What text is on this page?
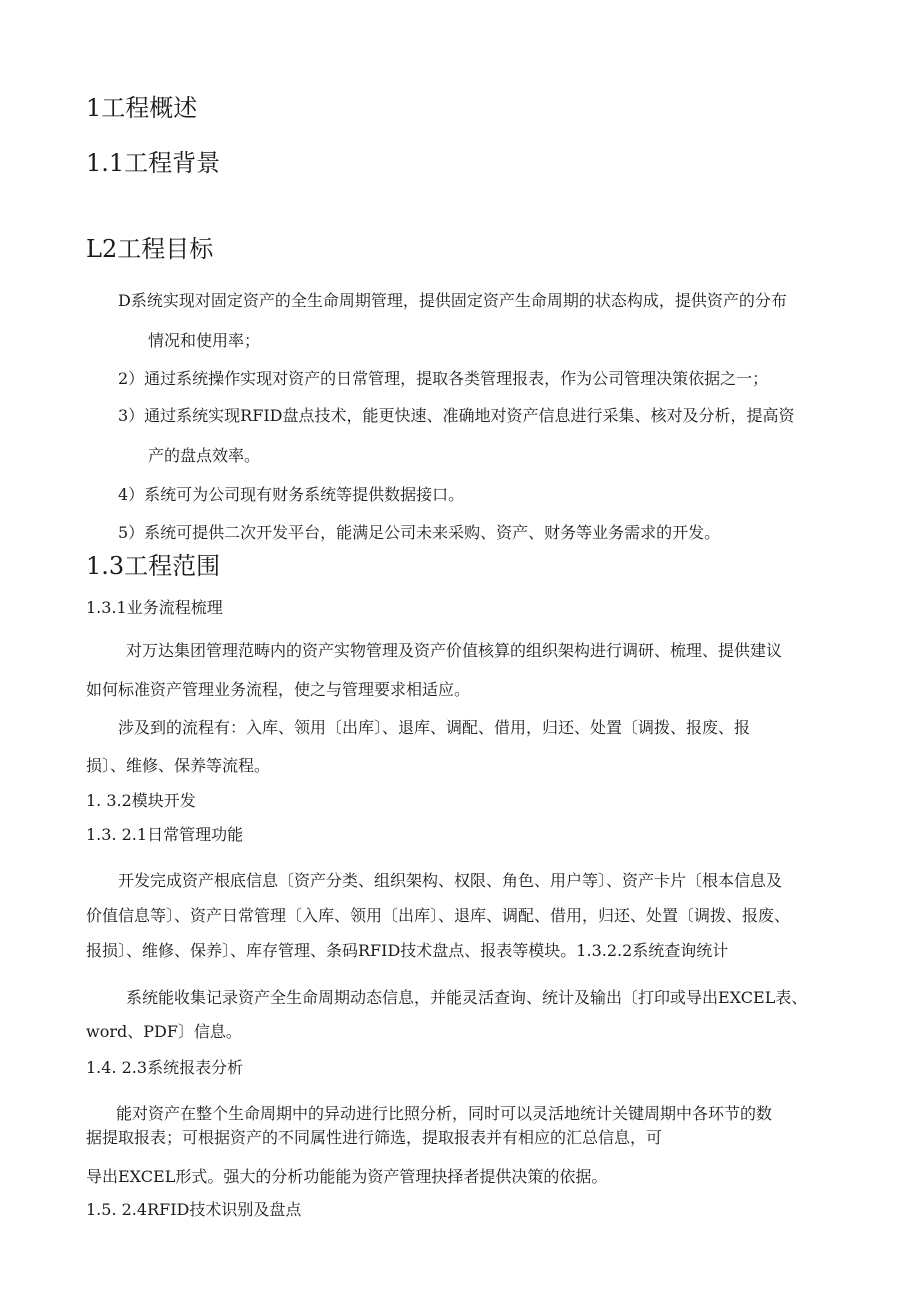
1工程概述
1.1工程背景
L2工程目标
D系统实现对固定资产的全生命周期管理，提供固定资产生命周期的状态构成，提供资产的分布
情况和使用率；
2）通过系统操作实现对资产的日常管理，提取各类管理报表，作为公司管理决策依据之一；
3）通过系统实现RFID盘点技术，能更快速、准确地对资产信息进行采集、核对及分析，提高资
产的盘点效率。
4）系统可为公司现有财务系统等提供数据接口。
5）系统可提供二次开发平台，能满足公司未来采购、资产、财务等业务需求的开发。
1.3工程范围
1.3.1业务流程梳理
对万达集团管理范畴内的资产实物管理及资产价值核算的组织架构进行调研、梳理、提供建议
如何标准资产管理业务流程，使之与管理要求相适应。
涉及到的流程有：入库、领用〔出库〕、退库、调配、借用，归还、处置〔调拨、报废、报
损〕、维修、保养等流程。
1. 3.2模块开发
1.3. 2.1日常管理功能
开发完成资产根底信息〔资产分类、组织架构、权限、角色、用户等〕、资产卡片〔根本信息及
价值信息等〕、资产日常管理〔入库、领用〔出库〕、退库、调配、借用，归还、处置〔调拨、报废、
报损〕、维修、保养〕、库存管理、条码RFID技术盘点、报表等模块。1.3.2.2系统查询统计
系统能收集记录资产全生命周期动态信息，并能灵活查询、统计及输出〔打印或导出EXCEL表、
word、PDF〕信息。
1.4. 2.3系统报表分析
能对资产在整个生命周期中的异动进行比照分析，同时可以灵活地统计关键周期中各环节的数
据提取报表；可根据资产的不同属性进行筛选，提取报表并有相应的汇总信息，可
导出EXCEL形式。强大的分析功能能为资产管理抉择者提供决策的依据。
1.5. 2.4RFID技术识别及盘点
